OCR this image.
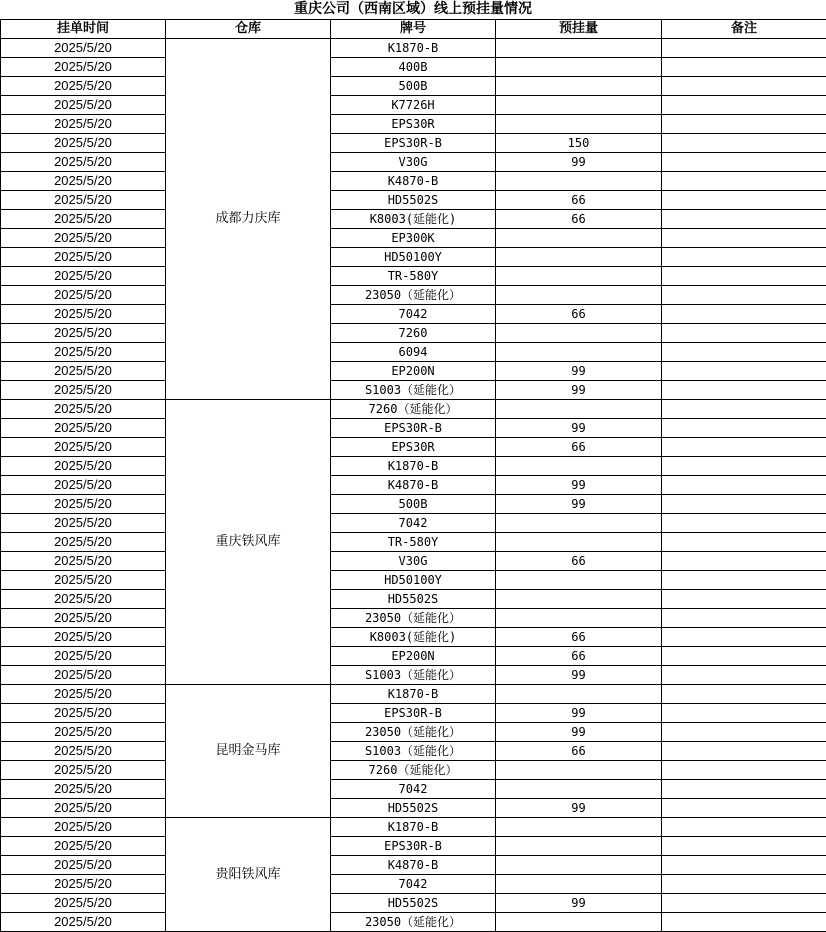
重庆公司（西南区域）线上预挂量情况
挂单时间	仓库	牌号	预挂量	备注
2025/5/20	成都力庆库	K1870-B		
2025/5/20		400B		
2025/5/20		500B		
2025/5/20		K7726H		
2025/5/20		EPS30R		
2025/5/20		EPS30R-B	150	
2025/5/20		V30G	99	
2025/5/20		K4870-B		
2025/5/20		HD5502S	66	
2025/5/20		K8003(延能化)	66	
2025/5/20		EP300K		
2025/5/20		HD50100Y		
2025/5/20		TR-580Y		
2025/5/20		23050（延能化）		
2025/5/20		7042	66	
2025/5/20		7260		
2025/5/20		6094		
2025/5/20		EP200N	99	
2025/5/20		S1003（延能化）	99	
2025/5/20	重庆铁风库	7260（延能化）		
2025/5/20		EPS30R-B	99	
2025/5/20		EPS30R	66	
2025/5/20		K1870-B		
2025/5/20		K4870-B	99	
2025/5/20		500B	99	
2025/5/20		7042		
2025/5/20		TR-580Y		
2025/5/20		V30G	66	
2025/5/20		HD50100Y		
2025/5/20		HD5502S		
2025/5/20		23050（延能化）		
2025/5/20		K8003(延能化)	66	
2025/5/20		EP200N	66	
2025/5/20		S1003（延能化）	99	
2025/5/20	昆明金马库	K1870-B		
2025/5/20		EPS30R-B	99	
2025/5/20		23050（延能化）	99	
2025/5/20		S1003（延能化）	66	
2025/5/20		7260（延能化）		
2025/5/20		7042		
2025/5/20		HD5502S	99	
2025/5/20	贵阳铁风库	K1870-B		
2025/5/20		EPS30R-B		
2025/5/20		K4870-B		
2025/5/20		7042		
2025/5/20		HD5502S	99	
2025/5/20		23050（延能化）		
